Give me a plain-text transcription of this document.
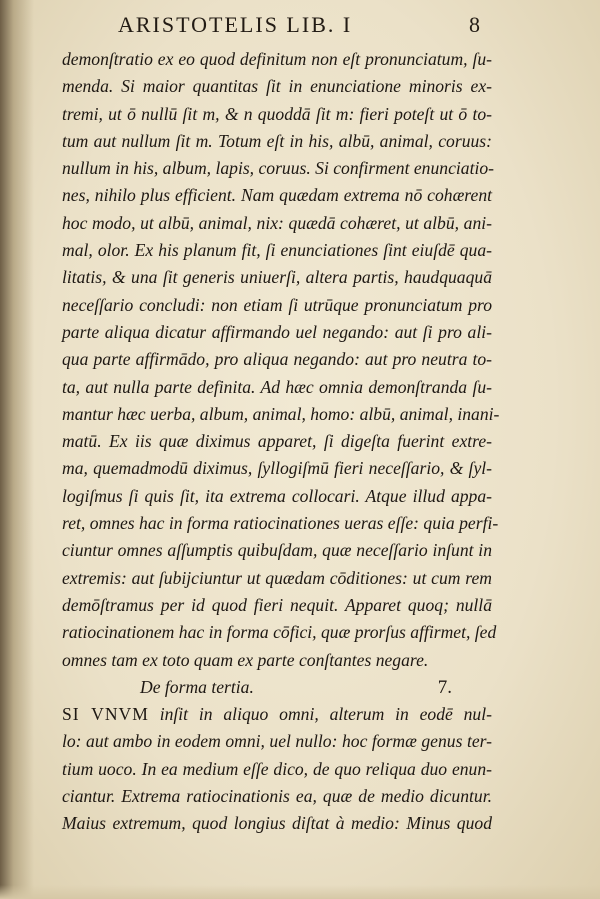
ARISTOTELIS LIB. I	8
demonſtratio ex eo quod definitum non eſt pronunciatum, ſu-
menda. Si maior quantitas ſit in enunciatione minoris ex-
tremi, ut ō nullū ſit m, & n quoddā ſit m: fieri poteſt ut ō to-
tum aut nullum ſit m. Totum eſt in his, albū, animal, coruus:
nullum in his, album, lapis, coruus. Si confirment enunciatio-
nes, nihilo plus efficient. Nam quædam extrema nō cohærent
hoc modo, ut albū, animal, nix: quædā cohæret, ut albū, ani-
mal, olor. Ex his planum fit, ſi enunciationes ſint eiuſdē qua-
litatis, & una ſit generis uniuerſi, altera partis, haudquaquā
neceſſario concludi: non etiam ſi utrūque pronunciatum pro
parte aliqua dicatur affirmando uel negando: aut ſi pro ali-
qua parte affirmādo, pro aliqua negando: aut pro neutra to-
ta, aut nulla parte definita. Ad hæc omnia demonſtranda ſu-
mantur hæc uerba, album, animal, homo: albū, animal, inani-
matū. Ex iis quæ diximus apparet, ſi digeſta fuerint extre-
ma, quemadmodū diximus, ſyllogiſmū fieri neceſſario, & ſyl-
logiſmus ſi quis ſit, ita extrema collocari. Atque illud appa-
ret, omnes hac in forma ratiocinationes ueras eſſe: quia perfi-
ciuntur omnes aſſumptis quibuſdam, quæ neceſſario inſunt in
extremis: aut ſubijciuntur ut quædam cōditiones: ut cum rem
demōſtramus per id quod fieri nequit. Apparet quoq; nullā
ratiocinationem hac in forma cōfici, quæ prorſus affirmet, ſed
omnes tam ex toto quam ex parte conſtantes negare.
De forma tertia.	7.
SI VNVM inſit in aliquo omni, alterum in eodē nul-
lo: aut ambo in eodem omni, uel nullo: hoc formæ genus ter-
tium uoco. In ea medium eſſe dico, de quo reliqua duo enun-
ciantur. Extrema ratiocinationis ea, quæ de medio dicuntur.
Maius extremum, quod longius diſtat à medio: Minus quod
